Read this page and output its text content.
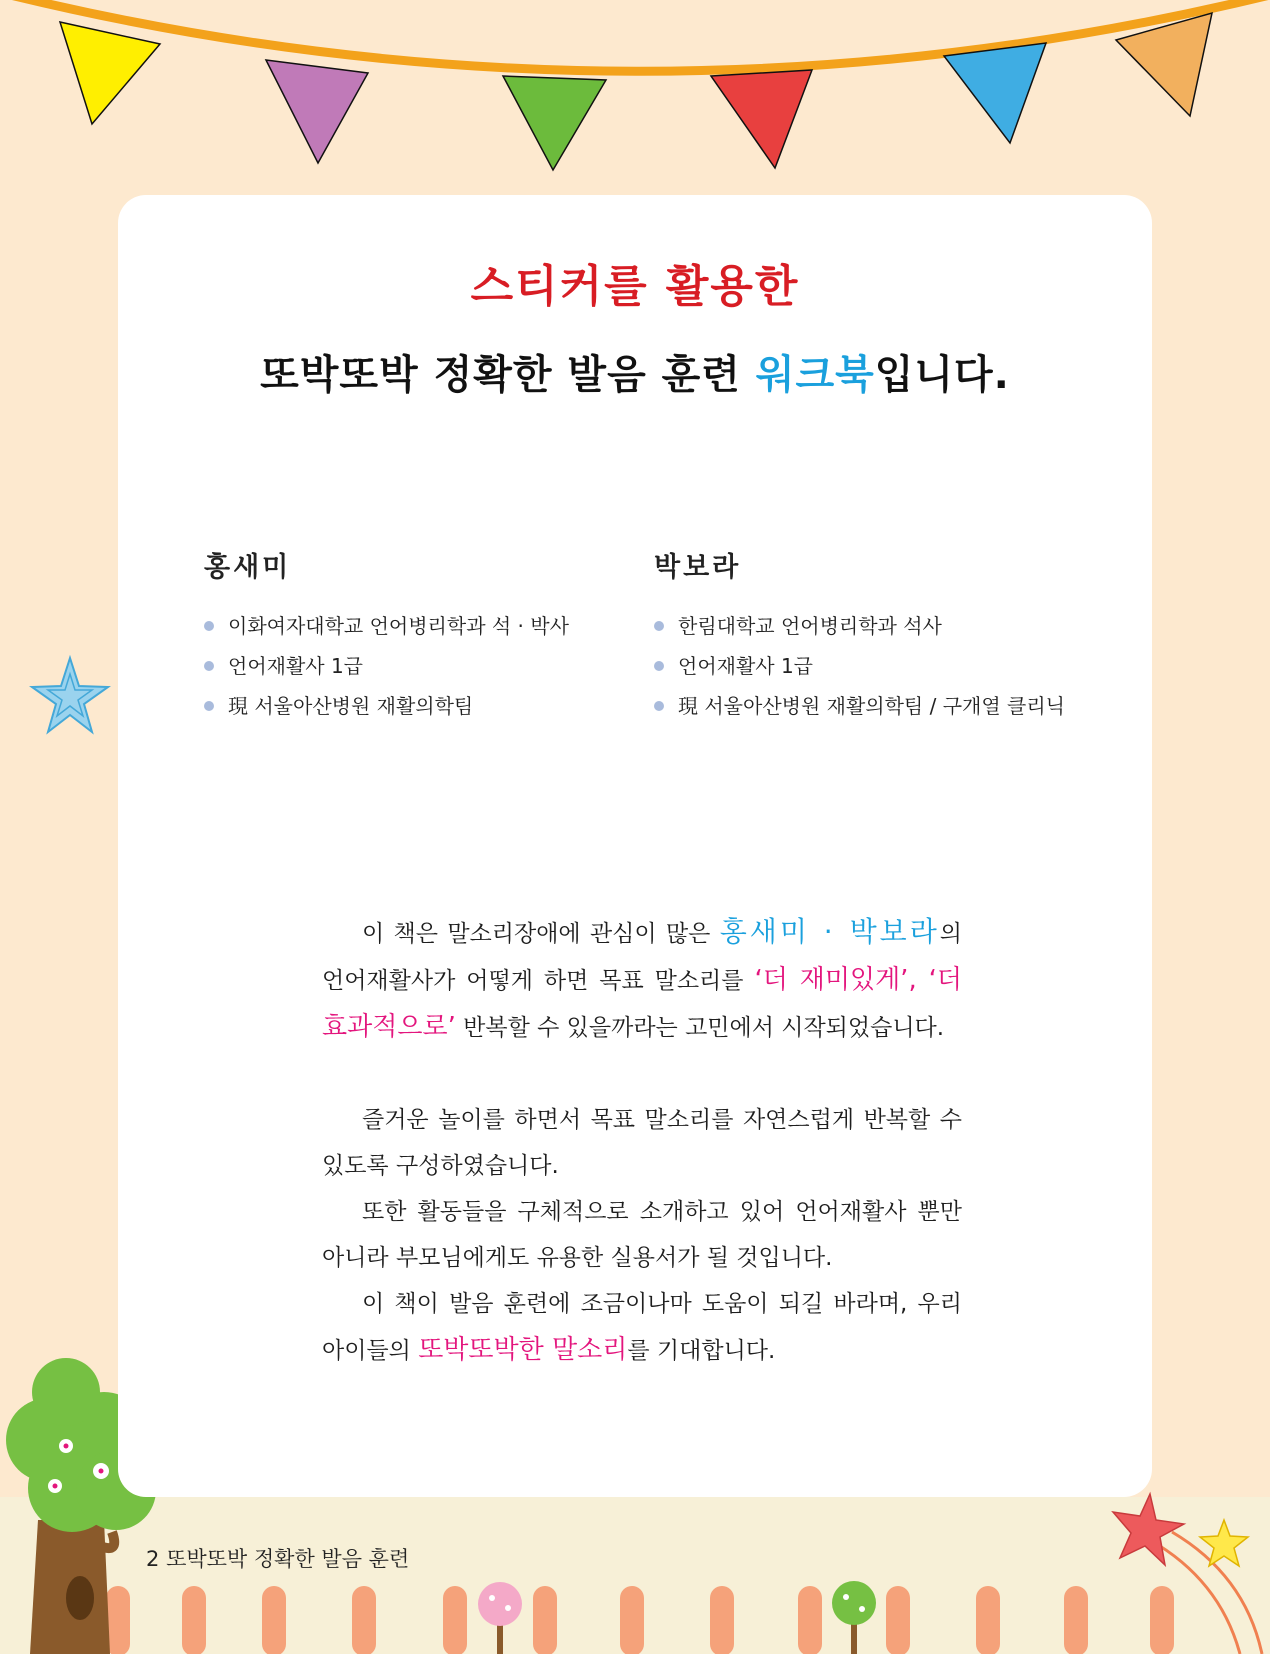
스티커를 활용한
또박또박 정확한 발음 훈련 워크북입니다.
홍새미
이화여자대학교 언어병리학과 석 · 박사
언어재활사 1급
現 서울아산병원 재활의학팀
박보라
한림대학교 언어병리학과 석사
언어재활사 1급
現 서울아산병원 재활의학팀 / 구개열 클리닉

이 책은 말소리장애에 관심이 많은 홍새미 · 박보라의 언어재활사가 어떻게 하면 목표 말소리를 ‘더 재미있게’, ‘더 효과적으로’ 반복할 수 있을까라는 고민에서 시작되었습니다.

즐거운 놀이를 하면서 목표 말소리를 자연스럽게 반복할 수 있도록 구성하였습니다.

또한 활동들을 구체적으로 소개하고 있어 언어재활사 뿐만 아니라 부모님에게도 유용한 실용서가 될 것입니다.

이 책이 발음 훈련에 조금이나마 도움이 되길 바라며, 우리 아이들의 또박또박한 말소리를 기대합니다.

2 또박또박 정확한 발음 훈련
